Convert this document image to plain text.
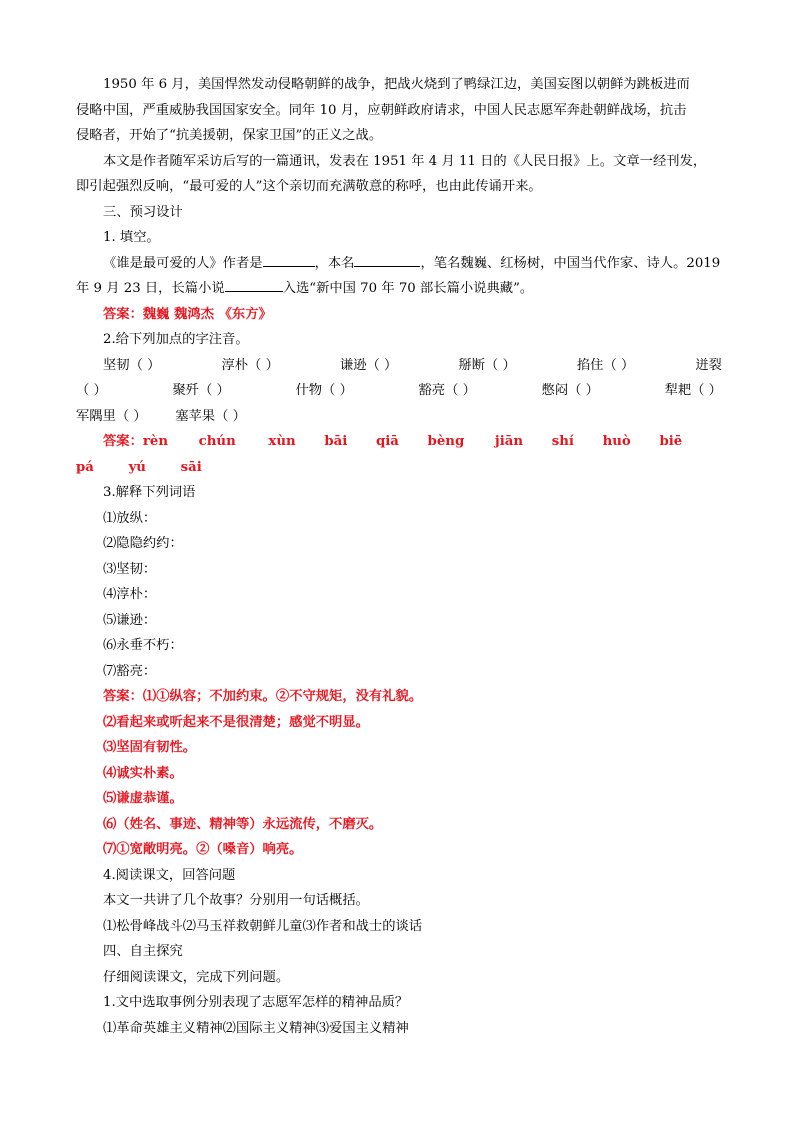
1950 年 6 月，美国悍然发动侵略朝鲜的战争，把战火烧到了鸭绿江边，美国妄图以朝鲜为跳板进而
侵略中国，严重威胁我国国家安全。同年 10 月，应朝鲜政府请求，中国人民志愿军奔赴朝鲜战场，抗击
侵略者，开始了“抗美援朝，保家卫国”的正义之战。
本文是作者随军采访后写的一篇通讯，发表在 1951 年 4 月 11 日的《人民日报》上。文章一经刊发，
即引起强烈反响，“最可爱的人”这个亲切而充满敬意的称呼，也由此传诵开来。
三、预习设计
1. 填空。
《谁是最可爱的人》作者是	，本名	，笔名魏巍、红杨树，中国当代作家、诗人。2019
年 9 月 23 日，长篇小说	入选“新中国 70 年 70 部长篇小说典藏”。
答案：魏巍 魏鸿杰 《东方》
2.给下列加点的字注音。
坚韧（ ）	淳朴（ ）	谦逊（ ）	掰断（ ）	掐住（ ）	迸裂
（ ）	聚歼（ ）	什物（ ）	豁亮（ ）	憋闷（ ）	犁耙（ ）
军隅里（ ） 塞苹果（ ）
答案：rèn chún xùn bāi qiā bèng jiān shí huò biē
pá	yú	sāi
3.解释下列词语
⑴放纵：
⑵隐隐约约：
⑶坚韧：
⑷淳朴：
⑸谦逊：
⑹永垂不朽：
⑺豁亮：
答案：⑴①纵容；不加约束。②不守规矩，没有礼貌。
⑵看起来或听起来不是很清楚；感觉不明显。
⑶坚固有韧性。
⑷诚实朴素。
⑸谦虚恭谨。
⑹（姓名、事迹、精神等）永远流传，不磨灭。
⑺①宽敞明亮。②（嗓音）响亮。
4.阅读课文，回答问题
本文一共讲了几个故事？分别用一句话概括。
⑴松骨峰战斗⑵马玉祥救朝鲜儿童⑶作者和战士的谈话
四、自主探究
仔细阅读课文，完成下列问题。
1.文中选取事例分别表现了志愿军怎样的精神品质？
⑴革命英雄主义精神⑵国际主义精神⑶爱国主义精神
